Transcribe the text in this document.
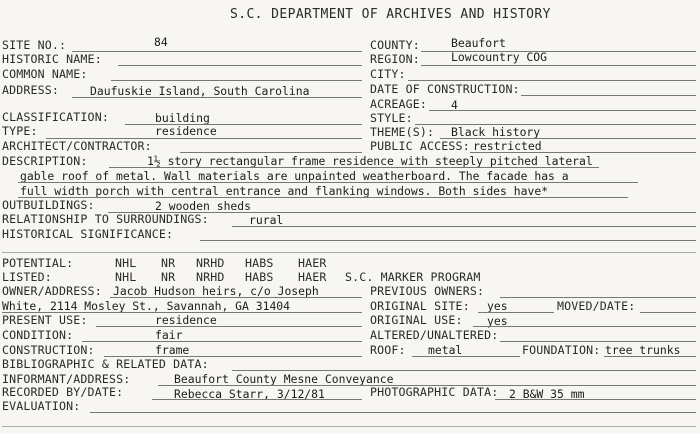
S.C. DEPARTMENT OF ARCHIVES AND HISTORY
SITE NO.:	84
HISTORIC NAME:
COMMON NAME:
ADDRESS:	Daufuskie Island, South Carolina
CLASSIFICATION:	building
TYPE:	residence
ARCHITECT/CONTRACTOR:
COUNTY:	Beaufort
REGION:	Lowcountry COG
CITY:
DATE OF CONSTRUCTION:
ACREAGE: 4
STYLE:
THEME(S): Black history
PUBLIC ACCESS: restricted
DESCRIPTION:	1½ story rectangular frame residence with steeply pitched lateral
gable roof of metal. Wall materials are unpainted weatherboard. The facade has a
full width porch with central entrance and flanking windows. Both sides have*
OUTBUILDINGS:	2 wooden sheds
RELATIONSHIP TO SURROUNDINGS:	rural
HISTORICAL SIGNIFICANCE:
POTENTIAL:	NHL NR NRHD HABS HAER
LISTED:	NHL NR NRHD HABS HAER S.C. MARKER PROGRAM
OWNER/ADDRESS: Jacob Hudson heirs, c/o Joseph
White, 2114 Mosley St., Savannah, GA 31404
PRESENT USE:	residence
CONDITION:	fair
CONSTRUCTION:	frame
BIBLIOGRAPHIC & RELATED DATA:
INFORMANT/ADDRESS:	Beaufort County Mesne Conveyance
RECORDED BY/DATE:	Rebecca Starr, 3/12/81
EVALUATION:
PREVIOUS OWNERS:
ORIGINAL SITE: yes	MOVED/DATE:
ORIGINAL USE: yes
ALTERED/UNALTERED:
ROOF: metal	FOUNDATION: tree trunks
PHOTOGRAPHIC DATA: 2 B&W 35 mm
